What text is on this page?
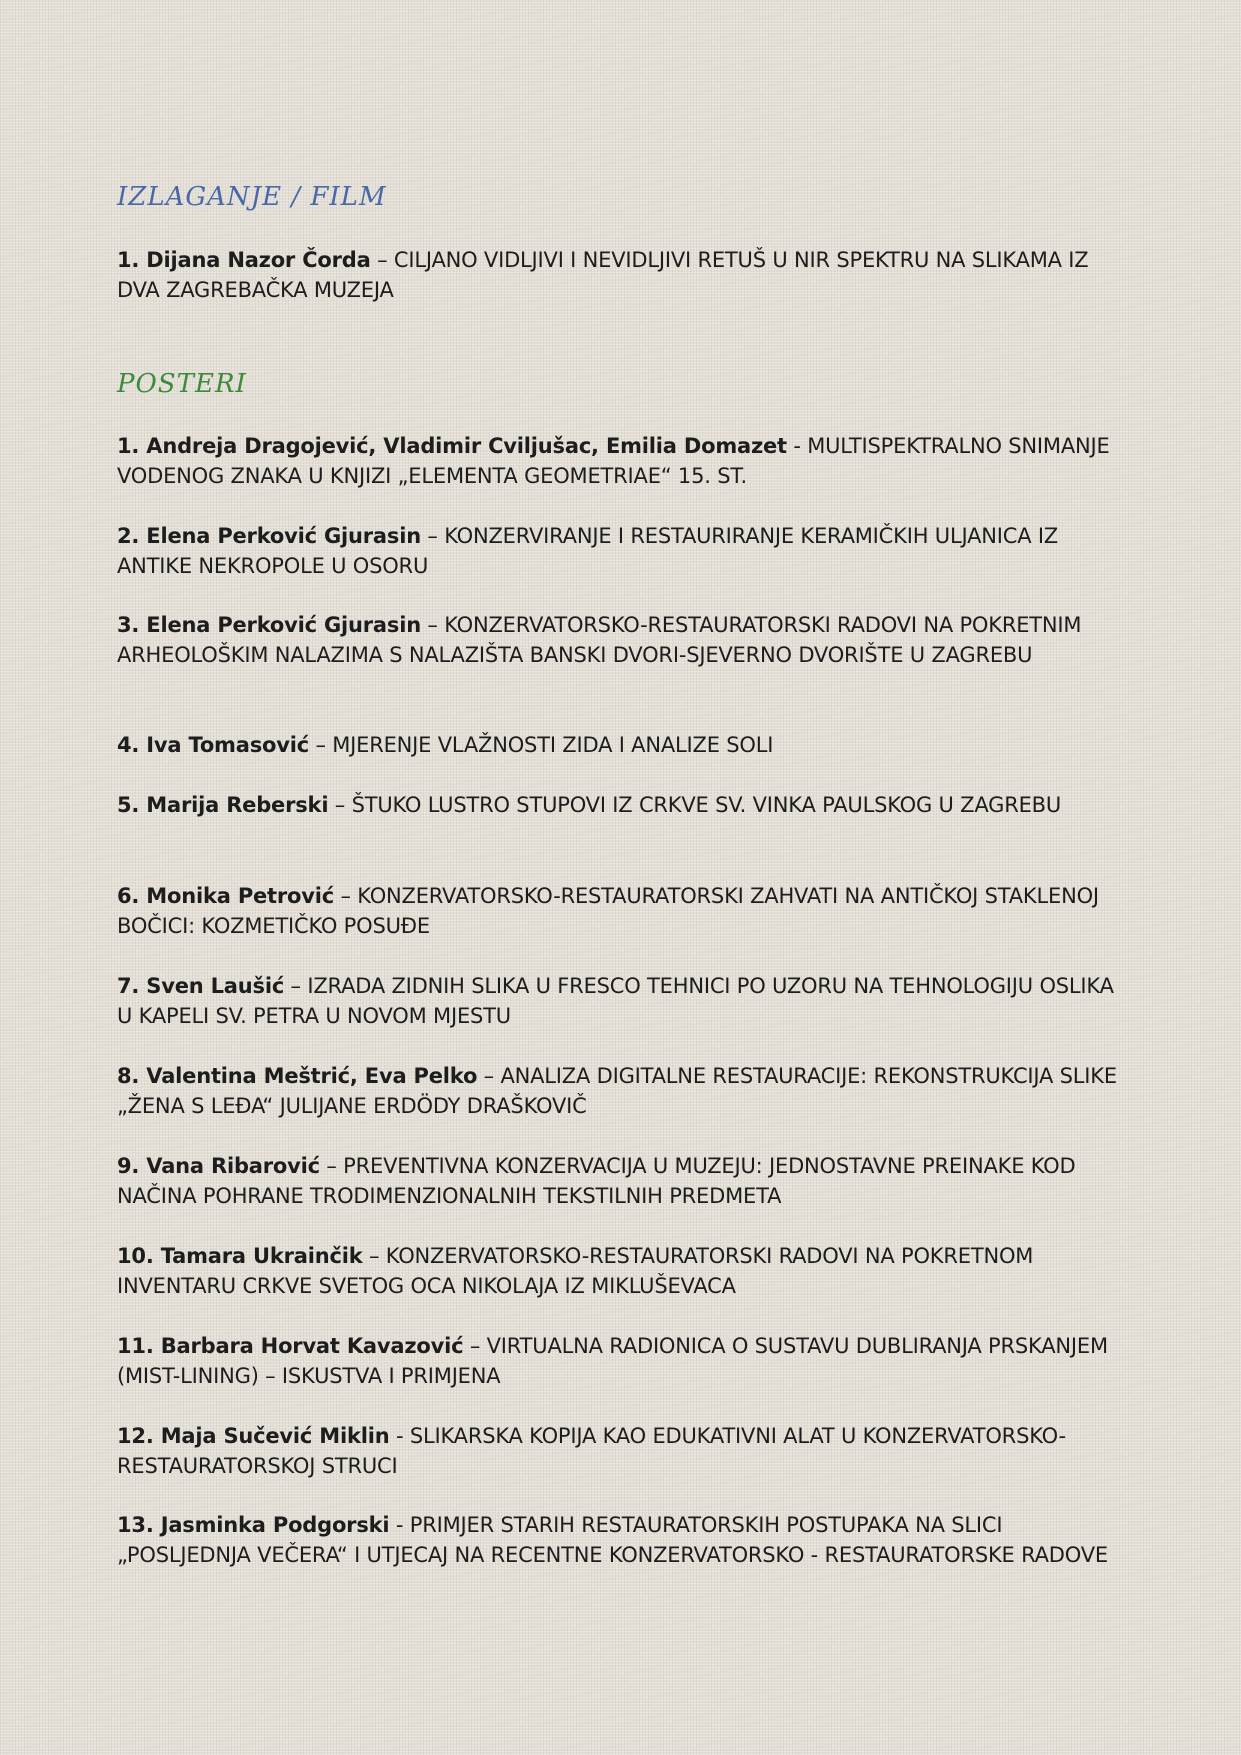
IZLAGANJE / FILM

1. Dijana Nazor Čorda – CILJANO VIDLJIVI I NEVIDLJIVI RETUŠ U NIR SPEKTRU NA SLIKAMA IZ DVA ZAGREBAČKA MUZEJA

POSTERI

1. Andreja Dragojević, Vladimir Cviljušac, Emilia Domazet - MULTISPEKTRALNO SNIMANJE VODENOG ZNAKA U KNJIZI „ELEMENTA GEOMETRIAE“ 15. ST.

2. Elena Perković Gjurasin – KONZERVIRANJE I RESTAURIRANJE KERAMIČKIH ULJANICA IZ ANTIKE NEKROPOLE U OSORU

3. Elena Perković Gjurasin – KONZERVATORSKO-RESTAURATORSKI RADOVI NA POKRETNIM ARHEOLOŠKIM NALAZIMA S NALAZIŠTA BANSKI DVORI-SJEVERNO DVORIŠTE U ZAGREBU

4. Iva Tomasović – MJERENJE VLAŽNOSTI ZIDA I ANALIZE SOLI

5. Marija Reberski – ŠTUKO LUSTRO STUPOVI IZ CRKVE SV. VINKA PAULSKOG U ZAGREBU

6. Monika Petrović – KONZERVATORSKO-RESTAURATORSKI ZAHVATI NA ANTIČKOJ STAKLENOJ BOČICI: KOZMETIČKO POSUĐE

7. Sven Laušić – IZRADA ZIDNIH SLIKA U FRESCO TEHNICI PO UZORU NA TEHNOLOGIJU OSLIKA U KAPELI SV. PETRA U NOVOM MJESTU

8. Valentina Meštrić, Eva Pelko – ANALIZA DIGITALNE RESTAURACIJE: REKONSTRUKCIJA SLIKE „ŽENA S LEĐA“ JULIJANE ERDÖDY DRAŠKOVIČ

9. Vana Ribarović – PREVENTIVNA KONZERVACIJA U MUZEJU: JEDNOSTAVNE PREINAKE KOD NAČINA POHRANE TRODIMENZIONALNIH TEKSTILNIH PREDMETA

10. Tamara Ukrainčik – KONZERVATORSKO-RESTAURATORSKI RADOVI NA POKRETNOM INVENTARU CRKVE SVETOG OCA NIKOLAJA IZ MIKLUŠEVACA

11. Barbara Horvat Kavazović – VIRTUALNA RADIONICA O SUSTAVU DUBLIRANJA PRSKANJEM (MIST-LINING) – ISKUSTVA I PRIMJENA

12. Maja Sučević Miklin - SLIKARSKA KOPIJA KAO EDUKATIVNI ALAT U KONZERVATORSKO-RESTAURATORSKOJ STRUCI

13. Jasminka Podgorski - PRIMJER STARIH RESTAURATORSKIH POSTUPAKA NA SLICI „POSLJEDNJA VEČERA“ I UTJECAJ NA RECENTNE KONZERVATORSKO - RESTAURATORSKE RADOVE
